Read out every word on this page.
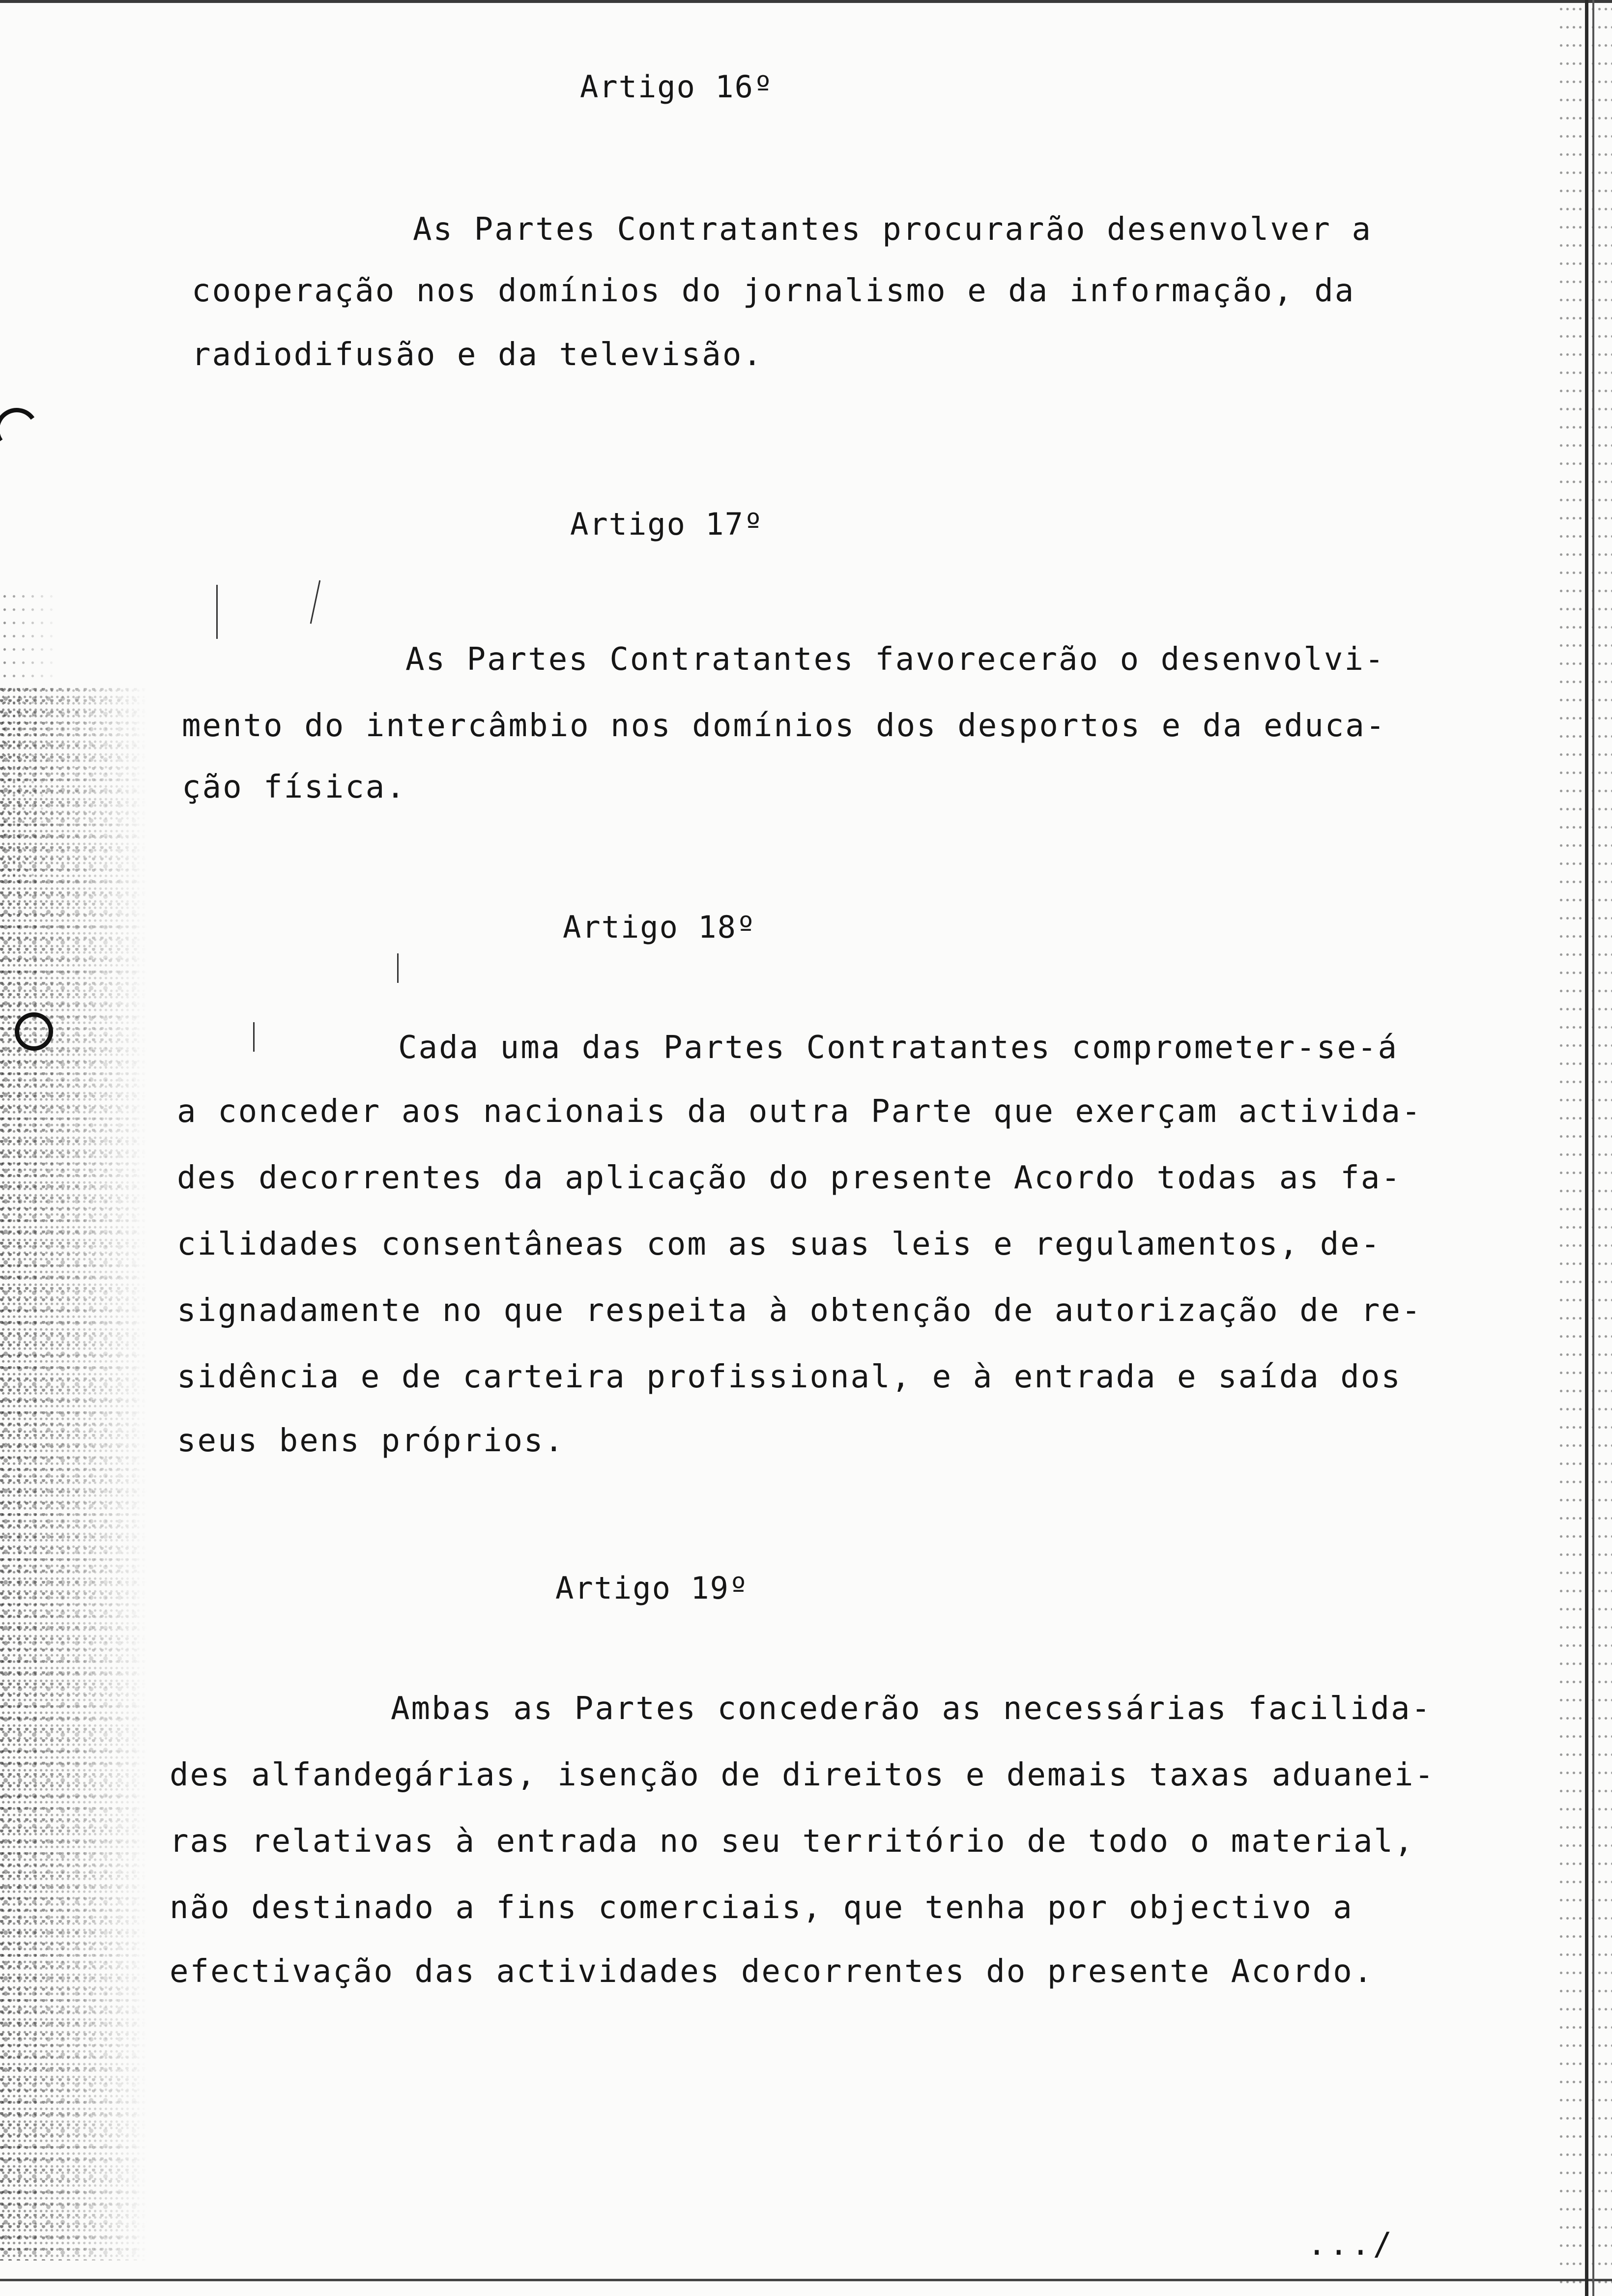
Artigo 16º
As Partes Contratantes procurarão desenvolver a
cooperação nos domínios do jornalismo e da informação, da
radiodifusão e da televisão.
Artigo 17º
As Partes Contratantes favorecerão o desenvolvi-
mento do intercâmbio nos domínios dos desportos e da educa-
ção física.
Artigo 18º
Cada uma das Partes Contratantes comprometer-se-á
a conceder aos nacionais da outra Parte que exerçam activida-
des decorrentes da aplicação do presente Acordo todas as fa-
cilidades consentâneas com as suas leis e regulamentos, de-
signadamente no que respeita à obtenção de autorização de re-
sidência e de carteira profissional, e à entrada e saída dos
seus bens próprios.
Artigo 19º
Ambas as Partes concederão as necessárias facilida-
des alfandegárias, isenção de direitos e demais taxas aduanei-
ras relativas à entrada no seu território de todo o material,
não destinado a fins comerciais, que tenha por objectivo a
efectivação das actividades decorrentes do presente Acordo.
.../
